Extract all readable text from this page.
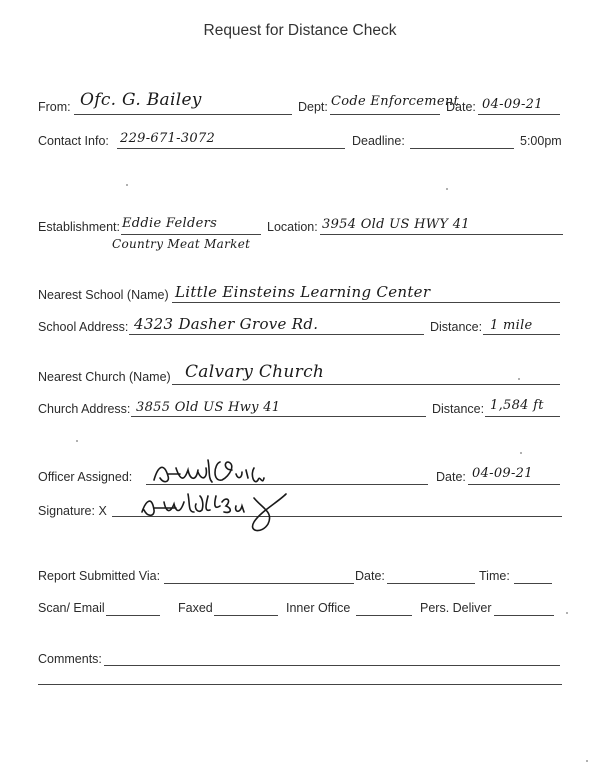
Request for Distance Check
From: Ofc. G. Bailey	Dept: Code Enforcement
Date: 04-09-21
Contact Info: 229-671-3072	Deadline:	5:00pm
Establishment: Eddie Felders
Country Meat Market
Location: 3954 Old US HWY 41
Nearest School (Name) Little Einsteins Learning Center
School Address: 4323 Dasher Grove Rd.	Distance: 1 mile
Nearest Church (Name) Calvary Church
Church Address: 3855 Old US Hwy 41	Distance: 1,584 ft
Officer Assigned:	Date: 04-09-21
Signature: X
Report Submitted Via:	Date:	Time:
Scan/ Email	Faxed	Inner Office	Pers. Deliver
Comments:
